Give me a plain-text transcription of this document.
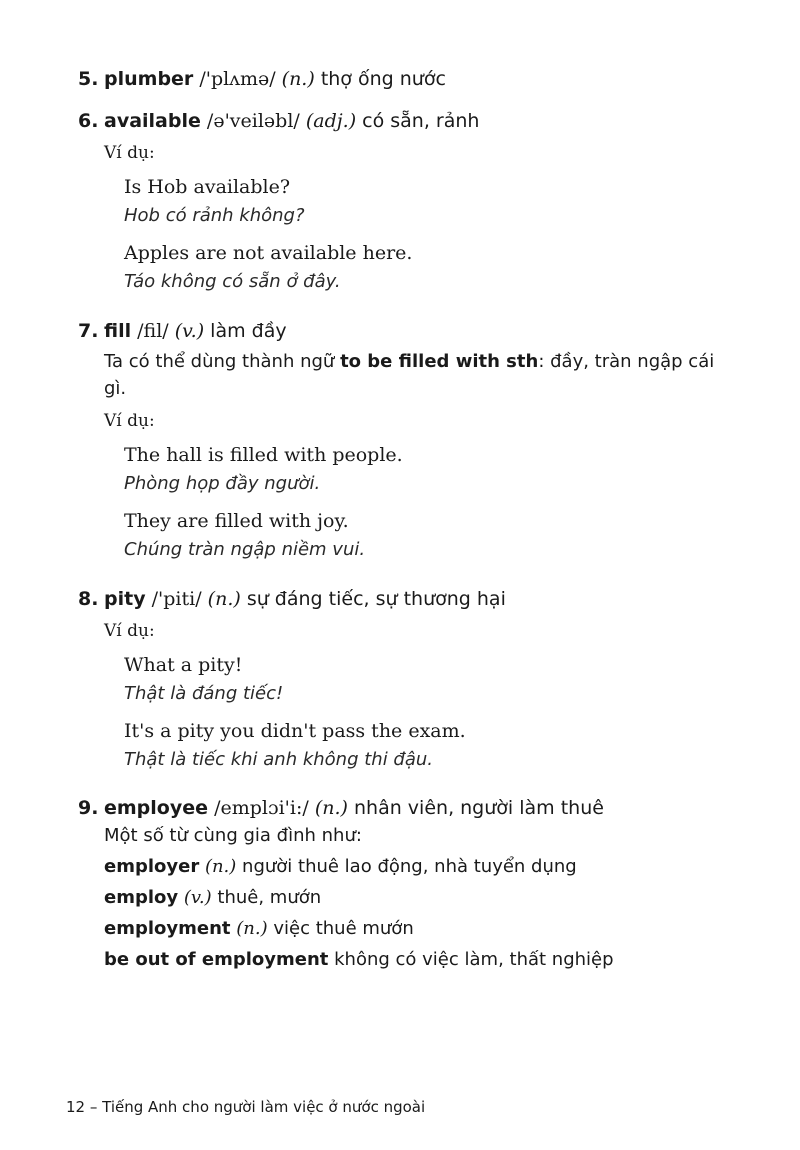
5. plumber /'plʌmə/ (n.) thợ ống nước
6. available /ə'veiləbl/ (adj.) có sẵn, rảnh
Ví dụ:
Is Hob available?
Hob có rảnh không?
Apples are not available here.
Táo không có sẵn ở đây.
7. fill /fil/ (v.) làm đầy
Ta có thể dùng thành ngữ to be filled with sth: đầy, tràn ngập cái gì.
Ví dụ:
The hall is filled with people.
Phòng họp đầy người.
They are filled with joy.
Chúng tràn ngập niềm vui.
8. pity /'piti/ (n.) sự đáng tiếc, sự thương hại
Ví dụ:
What a pity!
Thật là đáng tiếc!
It's a pity you didn't pass the exam.
Thật là tiếc khi anh không thi đậu.
9. employee /emplɔi'i:/ (n.) nhân viên, người làm thuê
Một số từ cùng gia đình như:
employer (n.) người thuê lao động, nhà tuyển dụng
employ (v.) thuê, mướn
employment (n.) việc thuê mướn
be out of employment không có việc làm, thất nghiệp
12 – Tiếng Anh cho người làm việc ở nước ngoài
